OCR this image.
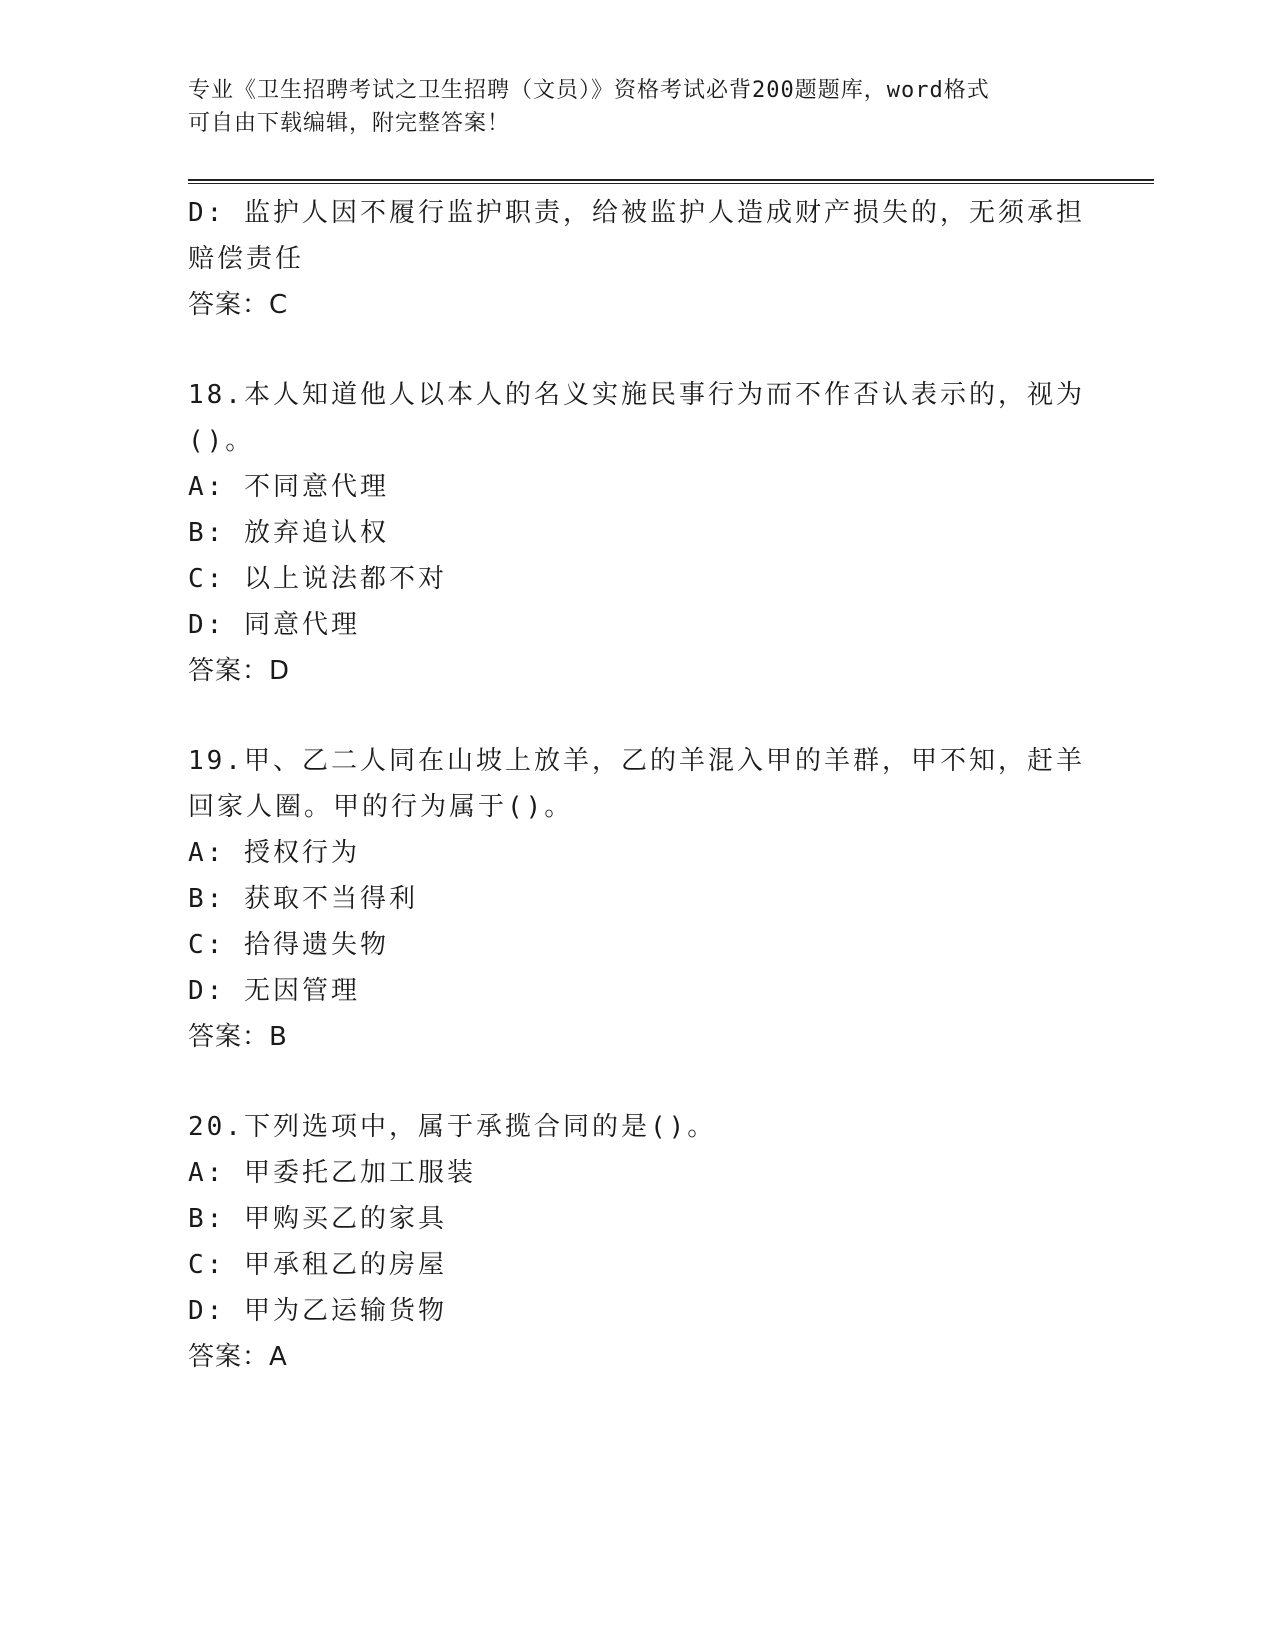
专业《卫生招聘考试之卫生招聘（文员）》资格考试必背200题题库，word格式
可自由下载编辑，附完整答案！
D: 监护人因不履行监护职责，给被监护人造成财产损失的，无须承担
赔偿责任
答案：C
18.本人知道他人以本人的名义实施民事行为而不作否认表示的，视为
()。
A: 不同意代理
B: 放弃追认权
C: 以上说法都不对
D: 同意代理
答案：D
19.甲、乙二人同在山坡上放羊，乙的羊混入甲的羊群，甲不知，赶羊
回家人圈。甲的行为属于()。
A: 授权行为
B: 获取不当得利
C: 拾得遗失物
D: 无因管理
答案：B
20.下列选项中，属于承揽合同的是()。
A: 甲委托乙加工服装
B: 甲购买乙的家具
C: 甲承租乙的房屋
D: 甲为乙运输货物
答案：A
